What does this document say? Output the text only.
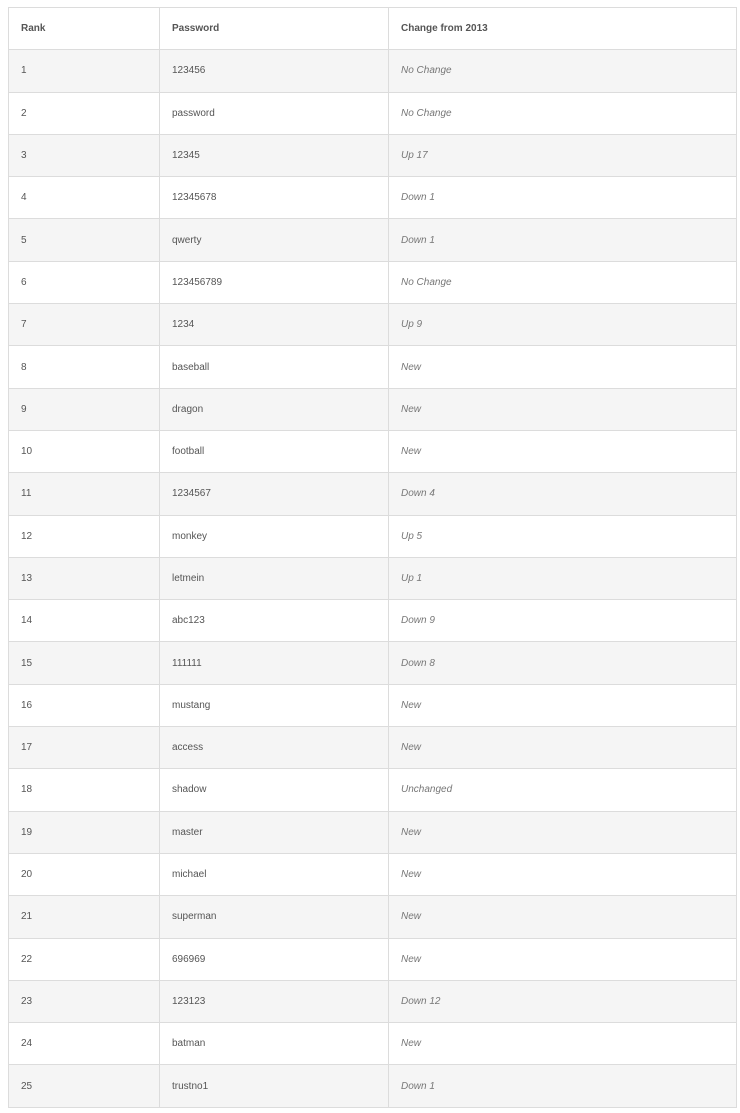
Rank	Password	Change from 2013
1	123456	No Change
2	password	No Change
3	12345	Up 17
4	12345678	Down 1
5	qwerty	Down 1
6	123456789	No Change
7	1234	Up 9
8	baseball	New
9	dragon	New
10	football	New
11	1234567	Down 4
12	monkey	Up 5
13	letmein	Up 1
14	abc123	Down 9
15	111111	Down 8
16	mustang	New
17	access	New
18	shadow	Unchanged
19	master	New
20	michael	New
21	superman	New
22	696969	New
23	123123	Down 12
24	batman	New
25	trustno1	Down 1
